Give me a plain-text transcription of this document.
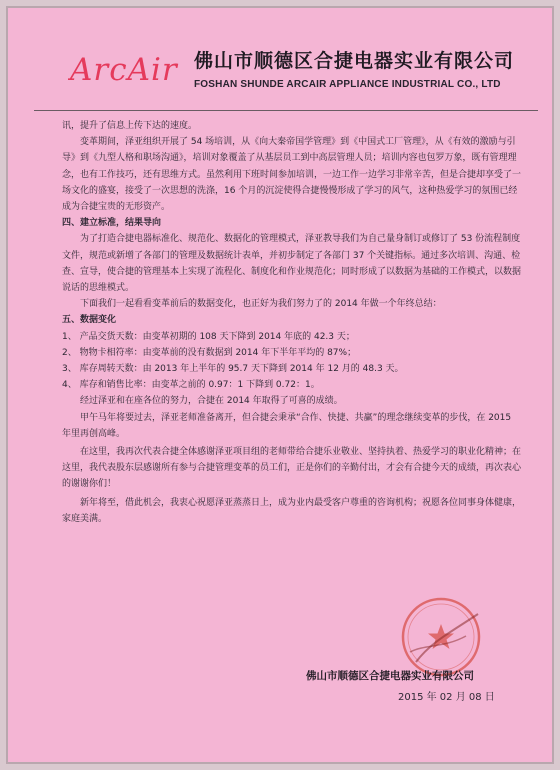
ArcAir 佛山市顺德区合捷电器实业有限公司
FOSHAN SHUNDE ARCAIR APPLIANCE INDUSTRIAL CO., LTD

讯，提升了信息上传下达的速度。

变革期间，泽亚组织开展了 54 场培训，从《向大秦帝国学管理》到《中国式工厂管理》，从《有效的激励与引导》到《九型人格和职场沟通》，培训对象覆盖了从基层员工到中高层管理人员；培训内容也包罗万象，既有管理理念，也有工作技巧，还有思维方式。虽然利用下班时间参加培训，一边工作一边学习非常辛苦，但是合捷却享受了一场文化的盛宴，接受了一次思想的洗涤，16 个月的沉淀使得合捷慢慢形成了学习的风气，这种热爱学习的氛围已经成为合捷宝贵的无形资产。

四、建立标准，结果导向

为了打造合捷电器标准化、规范化、数据化的管理模式，泽亚教导我们为自己量身制订或修订了 53 份流程制度文件，规范或新增了各部门的管理及数据统计表单，并初步制定了各部门 37 个关键指标。通过多次培训、沟通、检查、宣导，使合捷的管理基本上实现了流程化、制度化和作业规范化；同时形成了以数据为基础的工作模式，以数据说话的思维模式。

下面我们一起看看变革前后的数据变化，也正好为我们努力了的 2014 年做一个年终总结：

五、数据变化

1、 产品交货天数：由变革初期的 108 天下降到 2014 年底的 42.3 天；

2、 物物卡相符率：由变革前的没有数据到 2014 年下半年平均的 87%；

3、 库存周转天数：由 2013 年上半年的 95.7 天下降到 2014 年 12 月的 48.3 天。

4、 库存和销售比率：由变革之前的 0.97：1 下降到 0.72：1。

经过泽亚和在座各位的努力，合捷在 2014 年取得了可喜的成绩。

甲午马年将要过去，泽亚老师准备离开，但合捷会秉承“合作、快捷、共赢”的理念继续变革的步伐，在 2015 年里再创高峰。

在这里，我再次代表合捷全体感谢泽亚项目组的老师带给合捷乐业敬业、坚持执着、热爱学习的职业化精神；在这里，我代表股东层感谢所有参与合捷管理变革的员工们，正是你们的辛勤付出，才会有合捷今天的成绩，再次表心的谢谢你们！

新年将至，借此机会，我衷心祝愿泽亚蒸蒸日上，成为业内最受客户尊重的咨询机构；祝愿各位同事身体健康，家庭美满。

佛山市顺德区合捷电器实业有限公司
2015 年 02 月 08 日
